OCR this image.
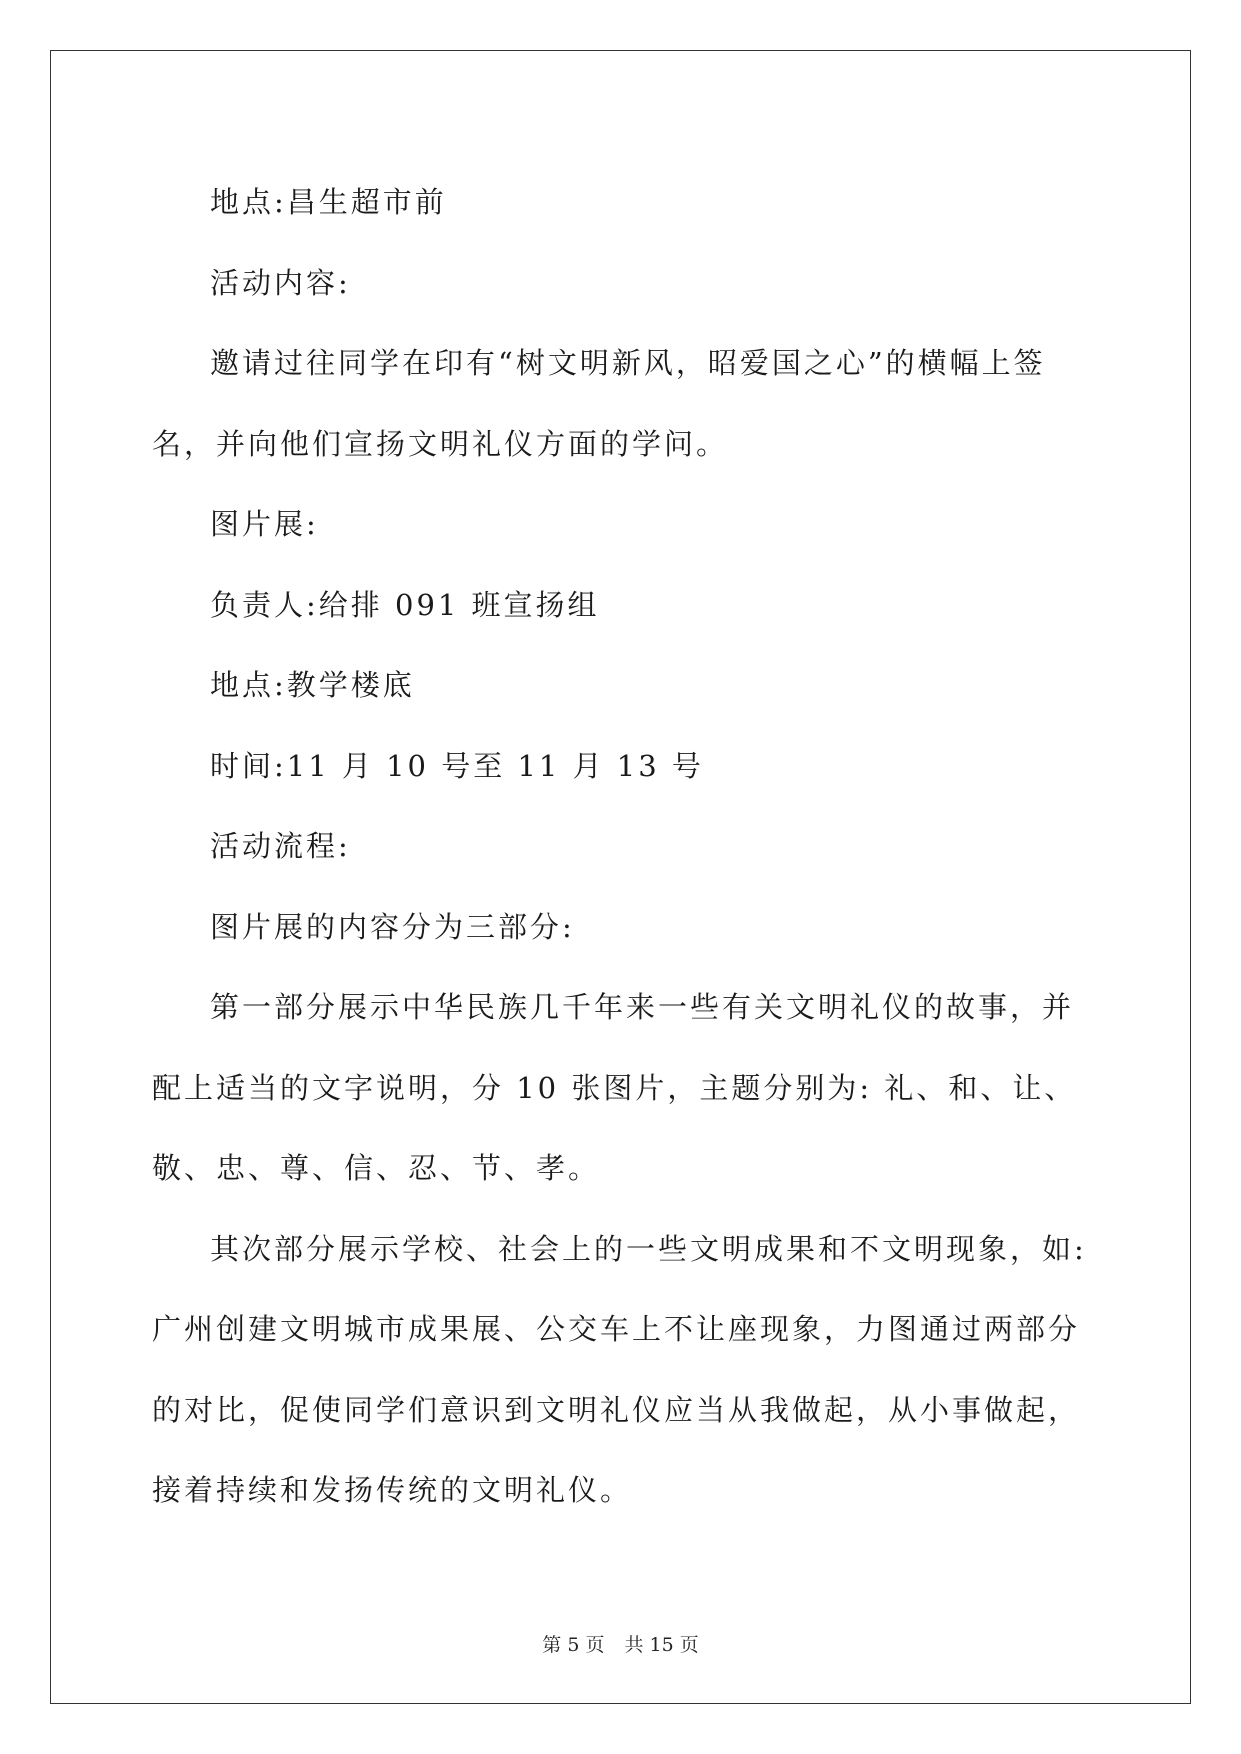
地点:昌生超市前

活动内容:

邀请过往同学在印有“树文明新风，昭爱国之心”的横幅上签名，并向他们宣扬文明礼仪方面的学问。

图片展:

负责人:给排 091 班宣扬组

地点:教学楼底

时间:11 月 10 号至 11 月 13 号

活动流程:

图片展的内容分为三部分:

第一部分展示中华民族几千年来一些有关文明礼仪的故事，并配上适当的文字说明，分 10 张图片，主题分别为: 礼、和、让、敬、忠、尊、信、忍、节、孝。

其次部分展示学校、社会上的一些文明成果和不文明现象，如: 广州创建文明城市成果展、公交车上不让座现象，力图通过两部分的对比，促使同学们意识到文明礼仪应当从我做起，从小事做起，接着持续和发扬传统的文明礼仪。

第 5 页 共 15 页
